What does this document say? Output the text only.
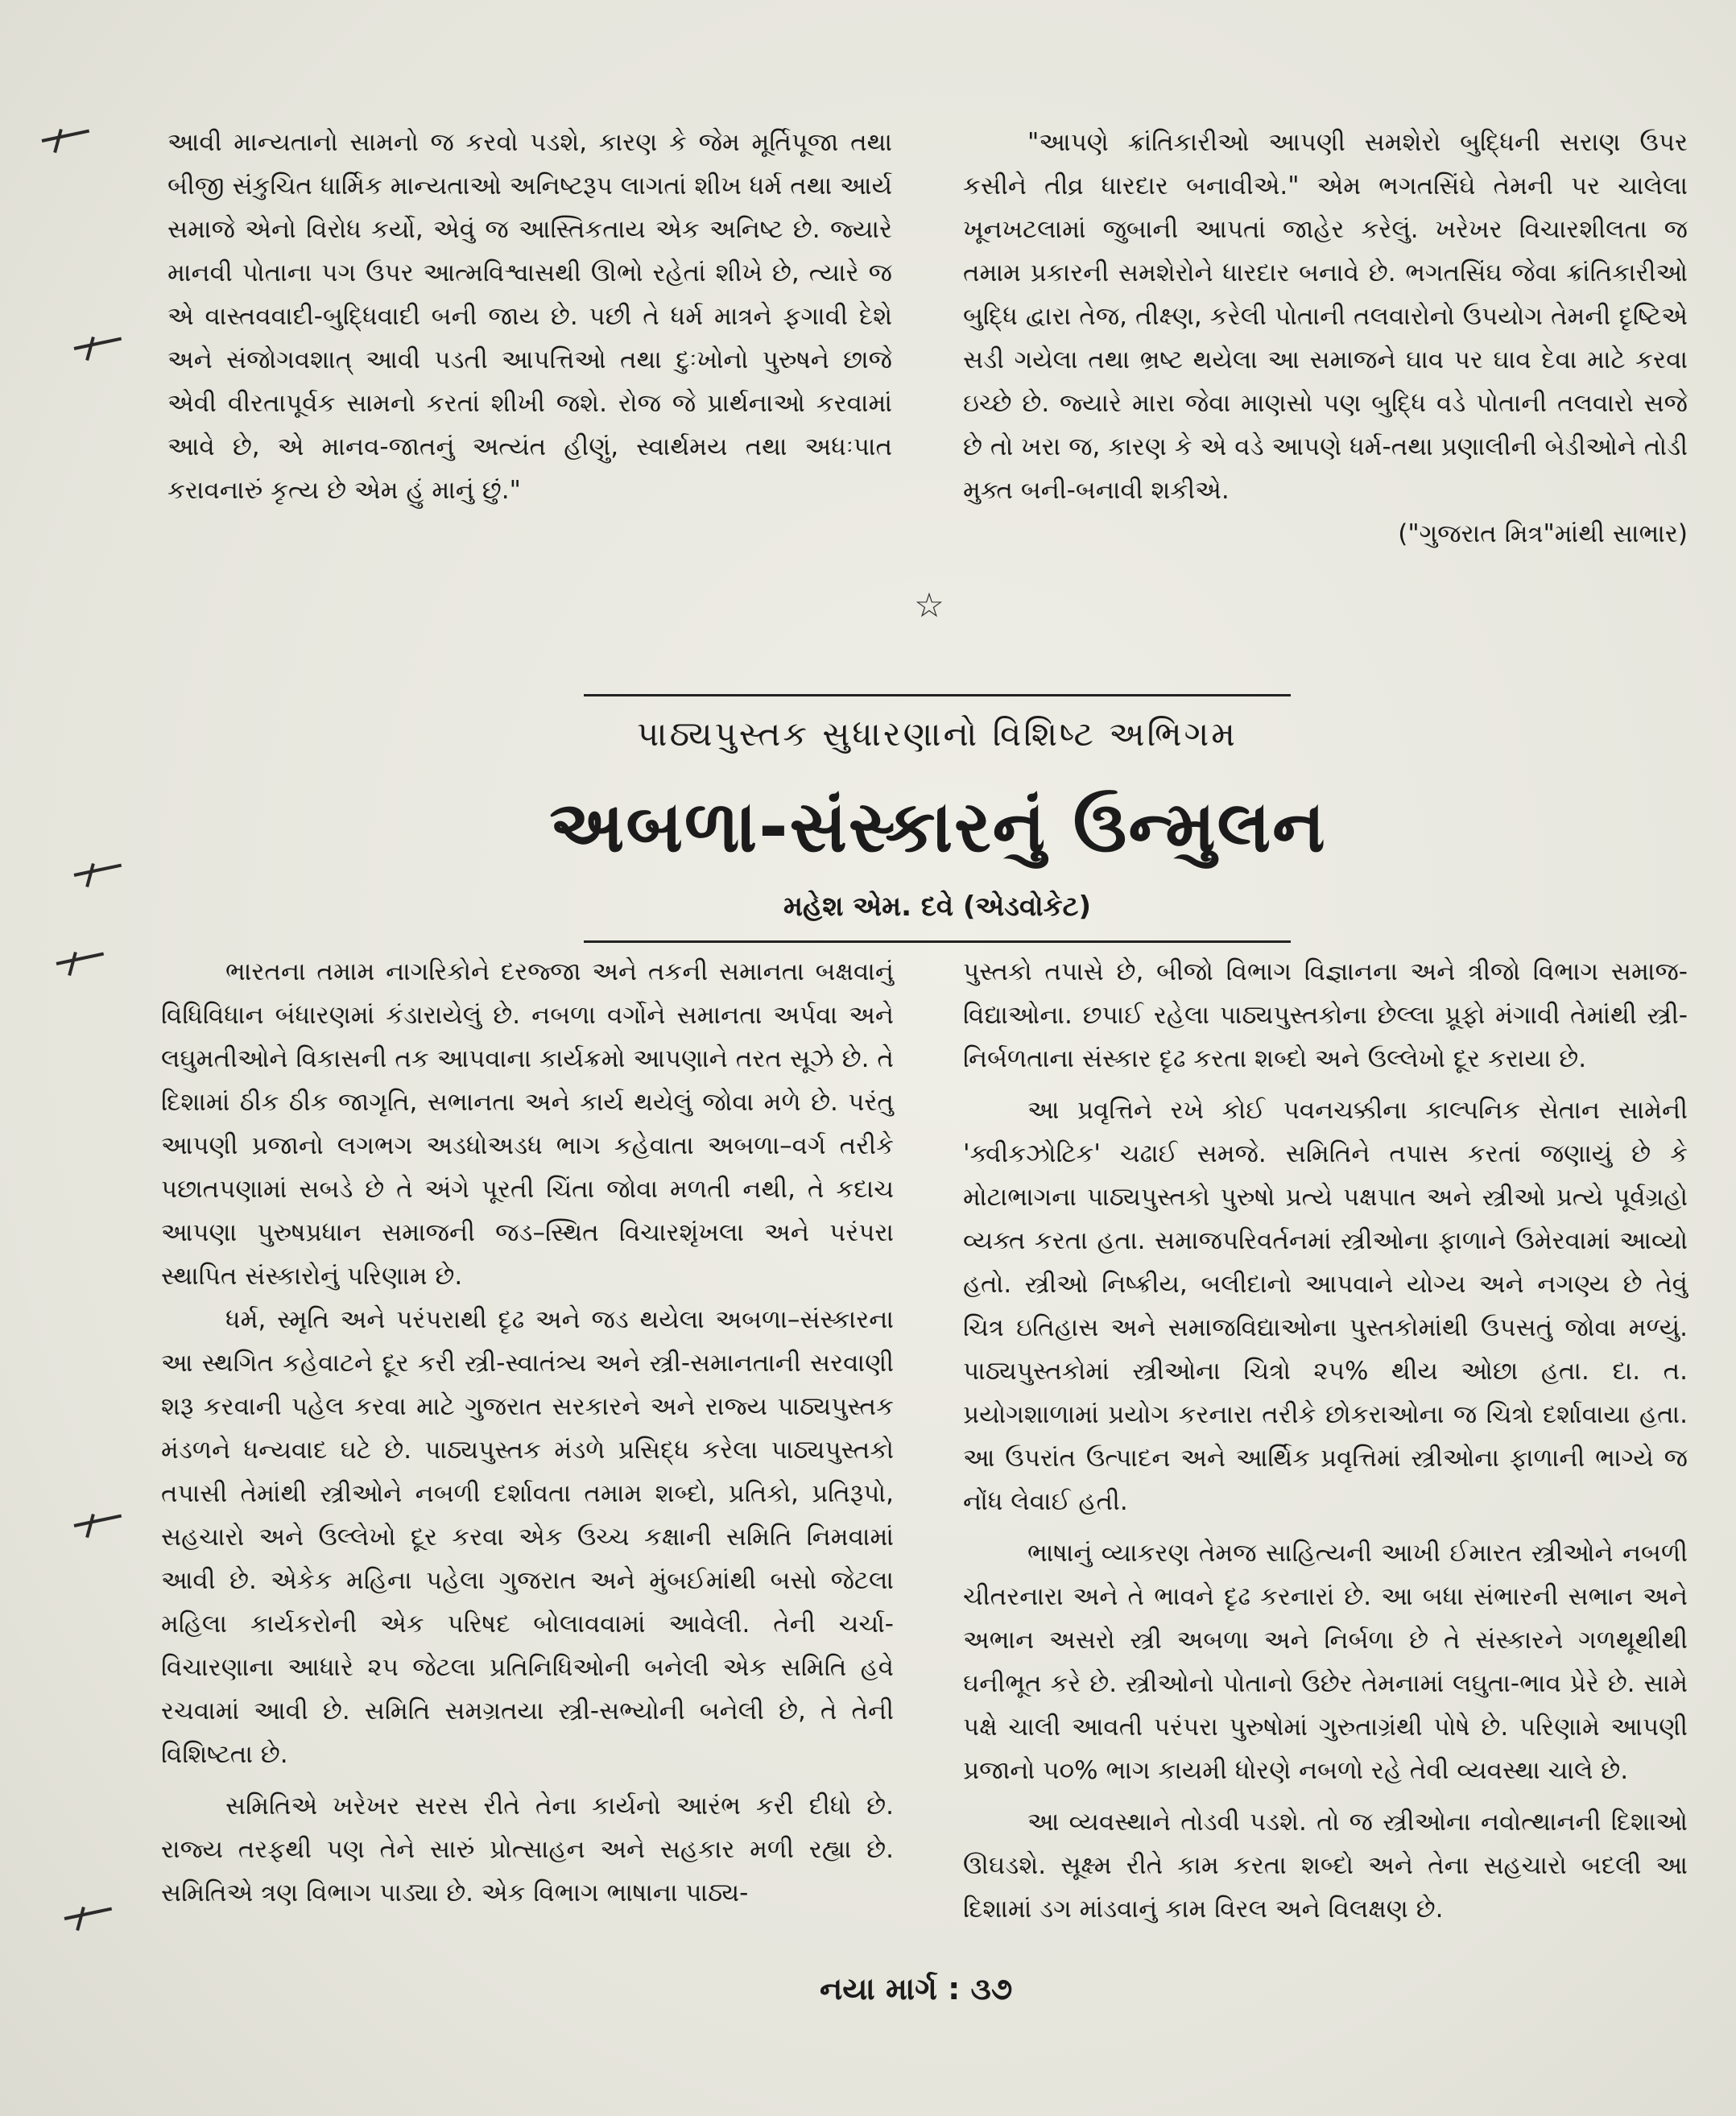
આવી માન્યતાનો સામનો જ કરવો પડશે, કારણ કે જેમ મૂર્તિપૂજા તથા બીજી સંકુચિત ધાર્મિક માન્યતાઓ અનિષ્ટરૂપ લાગતાં શીખ ધર્મ તથા આર્ય સમાજે એનો વિરોધ કર્યો, એવું જ આસ્તિકતાય એક અનિષ્ટ છે. જ્યારે માનવી પોતાના પગ ઉપર આત્મવિશ્વાસથી ઊભો રહેતાં શીખે છે, ત્યારે જ એ વાસ્તવવાદી-બુદ્ધિવાદી બની જાય છે. પછી તે ધર્મ માત્રને ફગાવી દેશે અને સંજોગવશાત્ આવી પડતી આપત્તિઓ તથા દુઃખોનો પુરુષને છાજે એવી વીરતાપૂર્વક સામનો કરતાં શીખી જશે. રોજ જે પ્રાર્થનાઓ કરવામાં આવે છે, એ માનવ-જાતનું અત્યંત હીણું, સ્વાર્થમય તથા અધઃપાત કરાવનારું કૃત્ય છે એમ હું માનું છું."

"આપણે ક્રાંતિકારીઓ આપણી સમશેરો બુદ્ધિની સરાણ ઉપર કસીને તીવ્ર ધારદાર બનાવીએ." એમ ભગતસિંઘે તેમની પર ચાલેલા ખૂનખટલામાં જુબાની આપતાં જાહેર કરેલું. ખરેખર વિચારશીલતા જ તમામ પ્રકારની સમશેરોને ધારદાર બનાવે છે. ભગતસિંઘ જેવા ક્રાંતિકારીઓ બુદ્ધિ દ્વારા તેજ, તીક્ષ્ણ, કરેલી પોતાની તલવારોનો ઉપયોગ તેમની દૃષ્ટિએ સડી ગયેલા તથા ભ્રષ્ટ થયેલા આ સમાજને ઘાવ પર ઘાવ દેવા માટે કરવા ઇચ્છે છે. જ્યારે મારા જેવા માણસો પણ બુદ્ધિ વડે પોતાની તલવારો સજે છે તો ખરા જ, કારણ કે એ વડે આપણે ધર્મ-તથા પ્રણાલીની બેડીઓને તોડી મુક્ત બની-બનાવી શકીએ.

("ગુજરાત મિત્ર"માંથી સાભાર)

☆
પાઠ્યપુસ્તક સુધારણાનો વિશિષ્ટ અભિગમ
અબળા-સંસ્કારનું ઉન્મુલન
મહેશ એમ. દવે (એડવોકેટ)

ભારતના તમામ નાગરિકોને દરજ્જા અને તકની સમાનતા બક્ષવાનું વિધિવિધાન બંધારણમાં કંડારાયેલું છે. નબળા વર્ગોને સમાનતા અર્પવા અને લઘુમતીઓને વિકાસની તક આપવાના કાર્યક્રમો આપણાને તરત સૂઝે છે. તે દિશામાં ઠીક ઠીક જાગૃતિ, સભાનતા અને કાર્ય થયેલું જોવા મળે છે. પરંતુ આપણી પ્રજાનો લગભગ અડધોઅડધ ભાગ કહેવાતા અબળા–વર્ગ તરીકે પછાતપણામાં સબડે છે તે અંગે પૂરતી ચિંતા જોવા મળતી નથી, તે કદાચ આપણા પુરુષપ્રધાન સમાજની જડ–સ્થિત વિચારશૃંખલા અને પરંપરા સ્થાપિત સંસ્કારોનું પરિણામ છે.

ધર્મ, સ્મૃતિ અને પરંપરાથી દૃઢ અને જડ થયેલા અબળા–સંસ્કારના આ સ્થગિત કહેવાટને દૂર કરી સ્ત્રી-સ્વાતંત્ર્ય અને સ્ત્રી-સમાનતાની સરવાણી શરૂ કરવાની પહેલ કરવા માટે ગુજરાત સરકારને અને રાજ્ય પાઠ્યપુસ્તક મંડળને ધન્યવાદ ઘટે છે. પાઠ્યપુસ્તક મંડળે પ્રસિદ્ધ કરેલા પાઠ્યપુસ્તકો તપાસી તેમાંથી સ્ત્રીઓને નબળી દર્શાવતા તમામ શબ્દો, પ્રતિકો, પ્રતિરૂપો, સહચારો અને ઉલ્લેખો દૂર કરવા એક ઉચ્ચ કક્ષાની સમિતિ નિમવામાં આવી છે. એકેક મહિના પહેલા ગુજરાત અને મુંબઈમાંથી બસો જેટલા મહિલા કાર્યકરોની એક પરિષદ બોલાવવામાં આવેલી. તેની ચર્ચા-વિચારણાના આધારે ૨૫ જેટલા પ્રતિનિધિઓની બનેલી એક સમિતિ હવે રચવામાં આવી છે. સમિતિ સમગ્રતયા સ્ત્રી-સભ્યોની બનેલી છે, તે તેની વિશિષ્ટતા છે.

સમિતિએ ખરેખર સરસ રીતે તેના કાર્યનો આરંભ કરી દીધો છે. રાજ્ય તરફથી પણ તેને સારું પ્રોત્સાહન અને સહકાર મળી રહ્યા છે. સમિતિએ ત્રણ વિભાગ પાડ્યા છે. એક વિભાગ ભાષાના પાઠ્ય-

પુસ્તકો તપાસે છે, બીજો વિભાગ વિજ્ઞાનના અને ત્રીજો વિભાગ સમાજ-વિદ્યાઓના. છપાઈ રહેલા પાઠ્યપુસ્તકોના છેલ્લા પ્રૂફો મંગાવી તેમાંથી સ્ત્રી-નિર્બળતાના સંસ્કાર દૃઢ કરતા શબ્દો અને ઉલ્લેખો દૂર કરાયા છે.

આ પ્રવૃત્તિને રખે કોઈ પવનચક્કીના કાલ્પનિક સેતાન સામેની 'ક્વીકઝોટિક' ચઢાઈ સમજે. સમિતિને તપાસ કરતાં જણાયું છે કે મોટાભાગના પાઠ્યપુસ્તકો પુરુષો પ્રત્યે પક્ષપાત અને સ્ત્રીઓ પ્રત્યે પૂર્વગ્રહો વ્યક્ત કરતા હતા. સમાજપરિવર્તનમાં સ્ત્રીઓના ફાળાને ઉમેરવામાં આવ્યો હતો. સ્ત્રીઓ નિષ્ક્રીય, બલીદાનો આપવાને યોગ્ય અને નગણ્ય છે તેવું ચિત્ર ઇતિહાસ અને સમાજવિદ્યાઓના પુસ્તકોમાંથી ઉપસતું જોવા મળ્યું. પાઠ્યપુસ્તકોમાં સ્ત્રીઓના ચિત્રો ૨૫% થીય ઓછા હતા. દા. ત. પ્રયોગશાળામાં પ્રયોગ કરનારા તરીકે છોકરાઓના જ ચિત્રો દર્શાવાયા હતા. આ ઉપરાંત ઉત્પાદન અને આર્થિક પ્રવૃત્તિમાં સ્ત્રીઓના ફાળાની ભાગ્યે જ નોંધ લેવાઈ હતી.

ભાષાનું વ્યાકરણ તેમજ સાહિત્યની આખી ઈમારત સ્ત્રીઓને નબળી ચીતરનારા અને તે ભાવને દૃઢ કરનારાં છે. આ બધા સંભારની સભાન અને અભાન અસરો સ્ત્રી અબળા અને નિર્બળા છે તે સંસ્કારને ગળથૂથીથી ઘનીભૂત કરે છે. સ્ત્રીઓનો પોતાનો ઉછેર તેમનામાં લઘુતા-ભાવ પ્રેરે છે. સામે પક્ષે ચાલી આવતી પરંપરા પુરુષોમાં ગુરુતાગ્રંથી પોષે છે. પરિણામે આપણી પ્રજાનો ૫૦% ભાગ કાયમી ધોરણે નબળો રહે તેવી વ્યવસ્થા ચાલે છે.

આ વ્યવસ્થાને તોડવી પડશે. તો જ સ્ત્રીઓના નવોત્થાનની દિશાઓ ઊઘડશે. સૂક્ષ્મ રીતે કામ કરતા શબ્દો અને તેના સહચારો બદલી આ દિશામાં ડગ માંડવાનું કામ વિરલ અને વિલક્ષણ છે.

નયા માર્ગ : ૩૭
